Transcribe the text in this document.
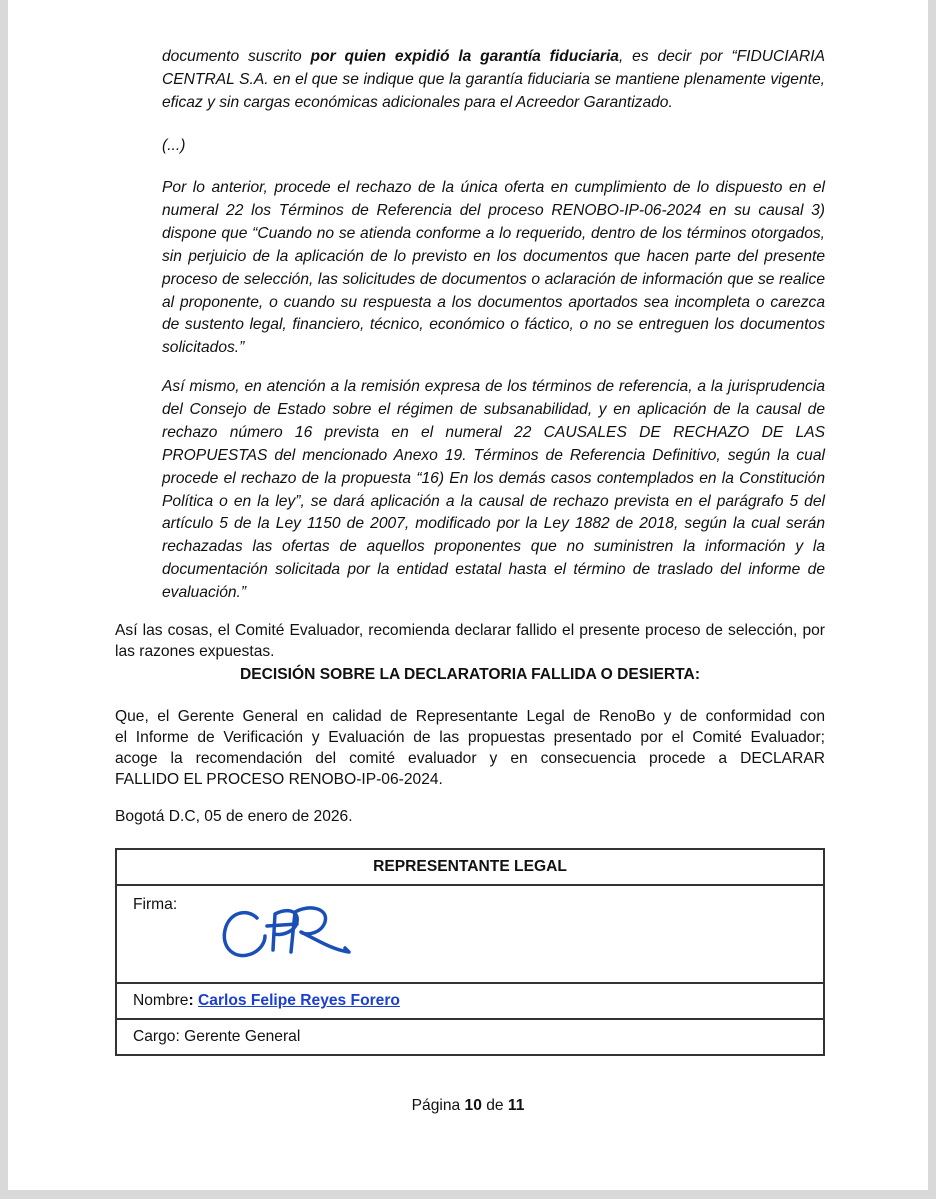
documento suscrito por quien expidió la garantía fiduciaria, es decir por “FIDUCIARIA
CENTRAL S.A. en el que se indique que la garantía fiduciaria se mantiene plenamente vigente,
eficaz y sin cargas económicas adicionales para el Acreedor Garantizado.
(...)
Por lo anterior, procede el rechazo de la única oferta en cumplimiento de lo dispuesto en el
numeral 22 los Términos de Referencia del proceso RENOBO-IP-06-2024 en su causal 3)
dispone que “Cuando no se atienda conforme a lo requerido, dentro de los términos otorgados,
sin perjuicio de la aplicación de lo previsto en los documentos que hacen parte del presente
proceso de selección, las solicitudes de documentos o aclaración de información que se realice
al proponente, o cuando su respuesta a los documentos aportados sea incompleta o carezca
de sustento legal, financiero, técnico, económico o fáctico, o no se entreguen los documentos
solicitados.”
Así mismo, en atención a la remisión expresa de los términos de referencia, a la jurisprudencia
del Consejo de Estado sobre el régimen de subsanabilidad, y en aplicación de la causal de
rechazo número 16 prevista en el numeral 22 CAUSALES DE RECHAZO DE LAS
PROPUESTAS del mencionado Anexo 19. Términos de Referencia Definitivo, según la cual
procede el rechazo de la propuesta “16) En los demás casos contemplados en la Constitución
Política o en la ley”, se dará aplicación a la causal de rechazo prevista en el parágrafo 5 del
artículo 5 de la Ley 1150 de 2007, modificado por la Ley 1882 de 2018, según la cual serán
rechazadas las ofertas de aquellos proponentes que no suministren la información y la
documentación solicitada por la entidad estatal hasta el término de traslado del informe de
evaluación.”
Así las cosas, el Comité Evaluador, recomienda declarar fallido el presente proceso de selección, por
las razones expuestas.
DECISIÓN SOBRE LA DECLARATORIA FALLIDA O DESIERTA:
Que, el Gerente General en calidad de Representante Legal de RenoBo y de conformidad con
el Informe de Verificación y Evaluación de las propuestas presentado por el Comité Evaluador;
acoge la recomendación del comité evaluador y en consecuencia procede a DECLARAR
FALLIDO EL PROCESO RENOBO-IP-06-2024.
Bogotá D.C, 05 de enero de 2026.
REPRESENTANTE LEGAL
Firma:

Nombre: Carlos Felipe Reyes Forero
Cargo: Gerente General
Página 10 de 11
